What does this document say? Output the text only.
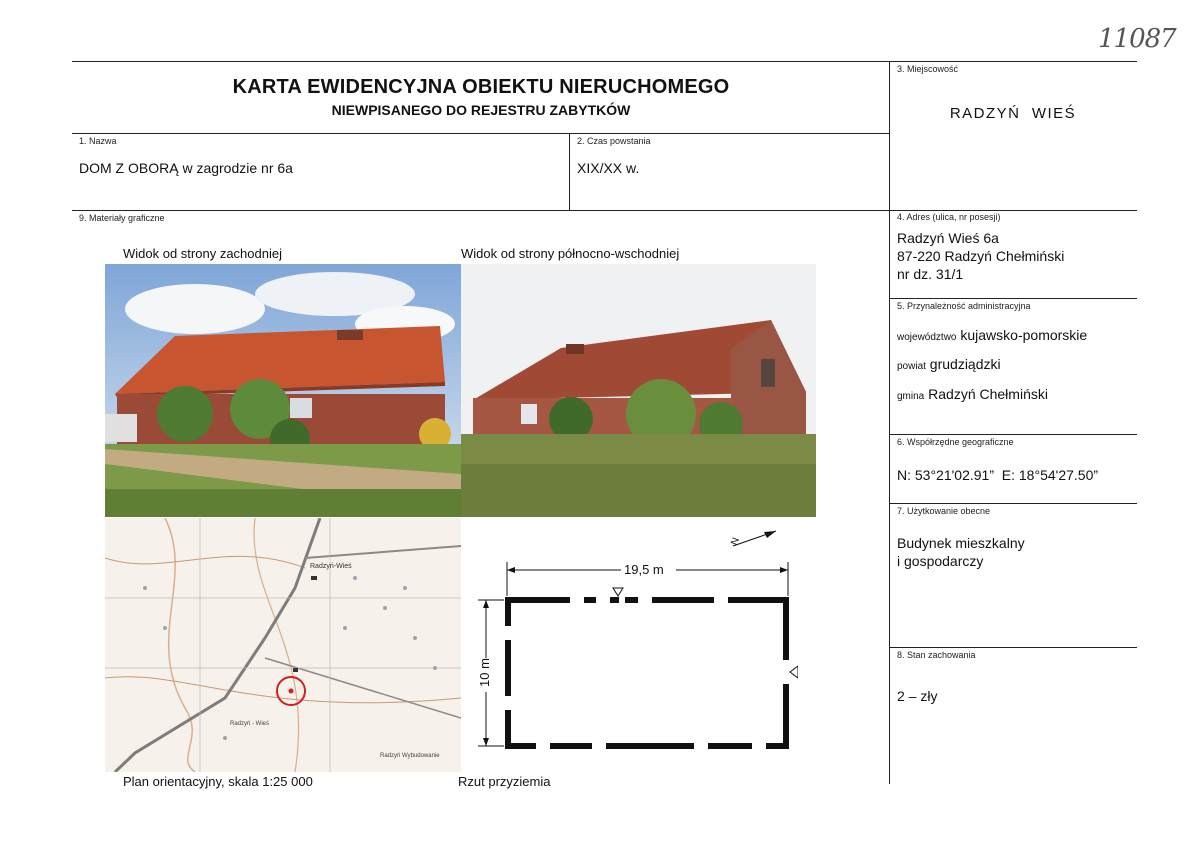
11087
KARTA EWIDENCYJNA OBIEKTU NIERUCHOMEGO
NIEWPISANEGO DO REJESTRU ZABYTKÓW
1. Nazwa
DOM Z OBORĄ w zagrodzie nr 6a
2. Czas powstania
XIX/XX w.
3. Miejscowość
RADZYŃ  WIEŚ
4. Adres (ulica, nr posesji)
Radzyń Wieś 6a
87-220 Radzyń Chełmiński
nr dz. 31/1
5. Przynależność administracyjna
województwo kujawsko-pomorskie
powiat grudziądzki
gmina Radzyń Chełmiński
6. Współrzędne geograficzne
N: 53°21'02.91”  E: 18°54'27.50”
7. Użytkowanie obecne
Budynek mieszkalny
i gospodarczy
8. Stan zachowania
2 – zły
9. Materiały graficzne
Widok od strony zachodniej	Widok od strony północno-wschodniej
Radzyń-Wieś
Radzyń - Wieś
Radzyń Wybudowanie
Plan orientacyjny, skala 1:25 000	Rzut przyziemia
N
19,5 m
10 m
